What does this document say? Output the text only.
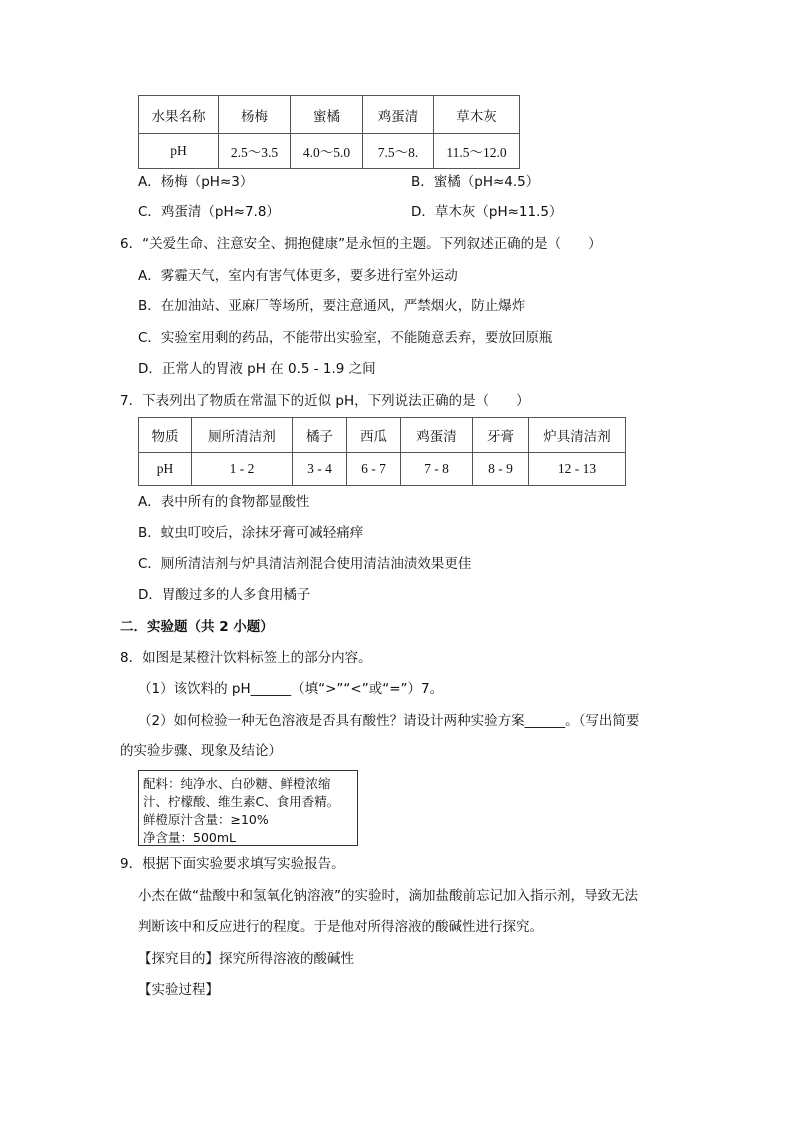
水果名称	杨梅	蜜橘	鸡蛋清	草木灰
pH	2.5～3.5	4.0～5.0	7.5～8.	11.5～12.0
A．杨梅（pH≈3）	B．蜜橘（pH≈4.5）
C．鸡蛋清（pH≈7.8）	D．草木灰（pH≈11.5）
6．“关爱生命、注意安全、拥抱健康”是永恒的主题。下列叙述正确的是（　　）
A．雾霾天气，室内有害气体更多，要多进行室外运动
B．在加油站、亚麻厂等场所，要注意通风，严禁烟火，防止爆炸
C．实验室用剩的药品，不能带出实验室，不能随意丢弃，要放回原瓶
D．正常人的胃液 pH 在 0.5 - 1.9 之间
7．下表列出了物质在常温下的近似 pH，下列说法正确的是（　　）
物质	厕所清洁剂	橘子	西瓜	鸡蛋清	牙膏	炉具清洁剂
pH	1 - 2	3 - 4	6 - 7	7 - 8	8 - 9	12 - 13
A．表中所有的食物都显酸性
B．蚊虫叮咬后，涂抹牙膏可减轻痛痒
C．厕所清洁剂与炉具清洁剂混合使用清洁油渍效果更佳
D．胃酸过多的人多食用橘子
二．实验题（共 2 小题）
8．如图是某橙汁饮料标签上的部分内容。
（1）该饮料的 pH______（填“>”“<”或“=”）7。
（2）如何检验一种无色溶液是否具有酸性？请设计两种实验方案______。（写出简要
的实验步骤、现象及结论）
配料：纯净水、白砂糖、鲜橙浓缩
汁、柠檬酸、维生素C、食用香精。
鲜橙原汁含量：≥10%
净含量：500mL
9．根据下面实验要求填写实验报告。
小杰在做“盐酸中和氢氧化钠溶液”的实验时，滴加盐酸前忘记加入指示剂，导致无法
判断该中和反应进行的程度。于是他对所得溶液的酸碱性进行探究。
【探究目的】探究所得溶液的酸碱性
【实验过程】
